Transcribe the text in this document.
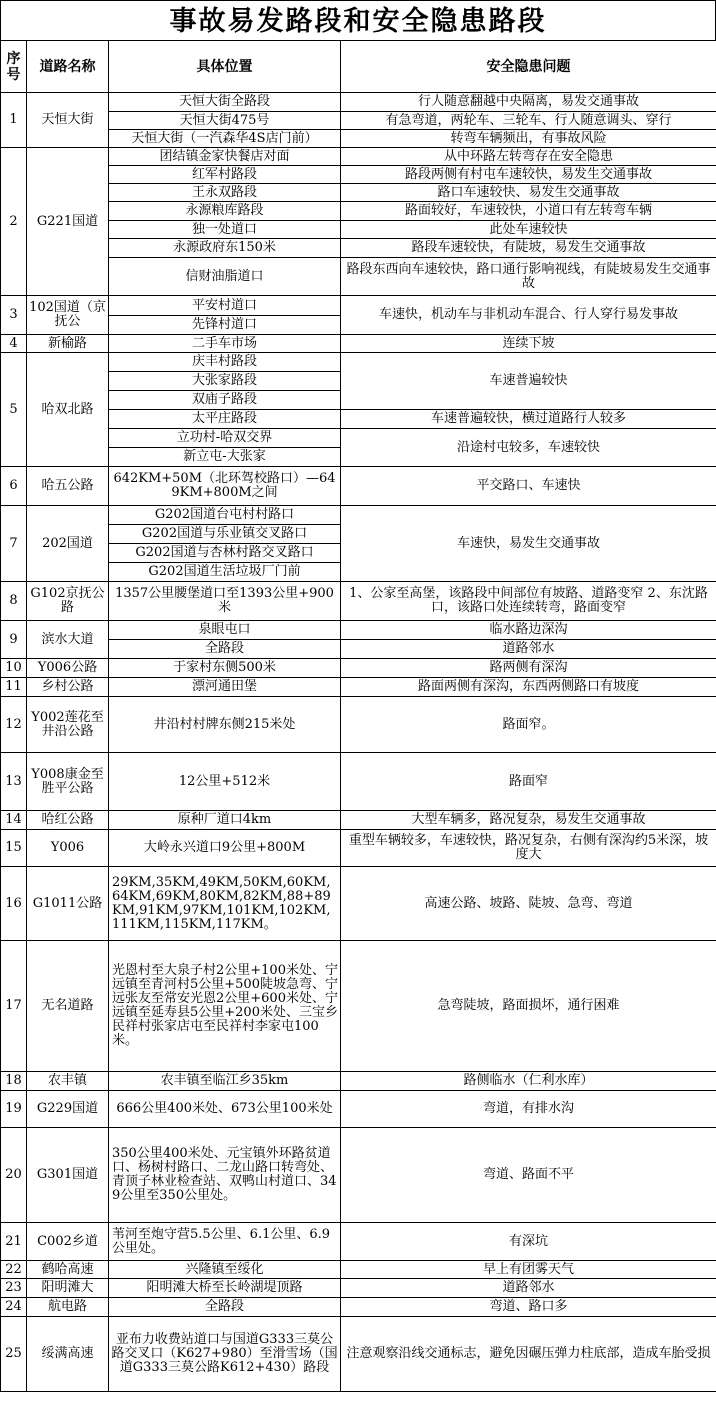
事故易发路段和安全隐患路段
序号	道路名称	具体位置	安全隐患问题
1	天恒大街	天恒大街全路段	行人随意翻越中央隔离，易发交通事故
		天恒大街475号	有急弯道，两轮车、三轮车、行人随意调头、穿行
		天恒大街（一汽森华4S店门前）	转弯车辆频出，有事故风险
2	G221国道	团结镇金家快餐店对面	从中环路左转弯存在安全隐患
		红军村路段	路段两侧有村屯车速较快，易发生交通事故
		王永双路段	路口车速较快、易发生交通事故
		永源粮库路段	路面较好，车速较快，小道口有左转弯车辆
		独一处道口	此处车速较快
		永源政府东150米	路段车速较快，有陡坡，易发生交通事故
		信财油脂道口	路段东西向车速较快，路口通行影响视线，有陡坡易发生交通事故
3	102国道（京抚公	平安村道口	车速快，机动车与非机动车混合、行人穿行易发事故
		先锋村道口	
4	新榆路	二手车市场	连续下坡
5	哈双北路	庆丰村路段	车速普遍较快
		大张家路段	
		双庙子路段	
		太平庄路段	车速普遍较快，横过道路行人较多
		立功村-哈双交界	沿途村屯较多，车速较快
		新立屯-大张家	
6	哈五公路	642KM+50M（北环驾校路口）—649KM+800M之间	平交路口、车速快
7	202国道	G202国道台屯村村路口	车速快，易发生交通事故
		G202国道与乐业镇交叉路口	
		G202国道与杏林村路交叉路口	
		G202国道生活垃圾厂门前	
8	G102京抚公路	1357公里腰堡道口至1393公里+900米	1、公家至高堡，该路段中间部位有坡路、道路变窄 2、东沈路口，该路口处连续转弯，路面变窄
9	滨水大道	泉眼屯口	临水路边深沟
		全路段	道路邻水
10	Y006公路	于家村东侧500米	路两侧有深沟
11	乡村公路	漂河通田堡	路面两侧有深沟，东西两侧路口有坡度
12	Y002莲花至井沿公路	井沿村村牌东侧215米处	路面窄。
13	Y008康金至胜平公路	12公里+512米	路面窄
14	哈红公路	原种厂道口4km	大型车辆多，路况复杂，易发生交通事故
15	Y006	大岭永兴道口9公里+800M	重型车辆较多，车速较快，路况复杂，右侧有深沟约5米深，坡度大
16	G1011公路	29KM,35KM,49KM,50KM,60KM,64KM,69KM,80KM,82KM,88+89KM,91KM,97KM,101KM,102KM,111KM,115KM,117KM。	高速公路、坡路、陡坡、急弯、弯道
17	无名道路	光恩村至大泉子村2公里+100米处、宁远镇至青河村5公里+500陡坡急弯、宁远张友至常安光恩2公里+600米处、宁远镇至延寿县5公里+200米处、三宝乡民祥村张家店屯至民祥村李家屯100米。	急弯陡坡，路面损坏，通行困难
18	农丰镇	农丰镇至临江乡35km	路侧临水（仁利水库）
19	G229国道	666公里400米处、673公里100米处	弯道，有排水沟
20	G301国道	350公里400米处、元宝镇外环路贫道口、杨树村路口、二龙山路口转弯处、青顶子林业检查站、双鸭山村道口、349公里至350公里处。	弯道、路面不平
21	C002乡道	苇河至炮守营5.5公里、6.1公里、6.9公里处。	有深坑
22	鹤哈高速	兴隆镇至绥化	早上有团雾天气
23	阳明滩大	阳明滩大桥至长岭湖堤顶路	道路邻水
24	航电路	全路段	弯道、路口多
25	绥满高速	亚布力收费站道口与国道G333三莫公路交叉口（K627+980）至滑雪场（国道G333三莫公路K612+430）路段	注意观察沿线交通标志，避免因碾压弹力柱底部，造成车胎受损
